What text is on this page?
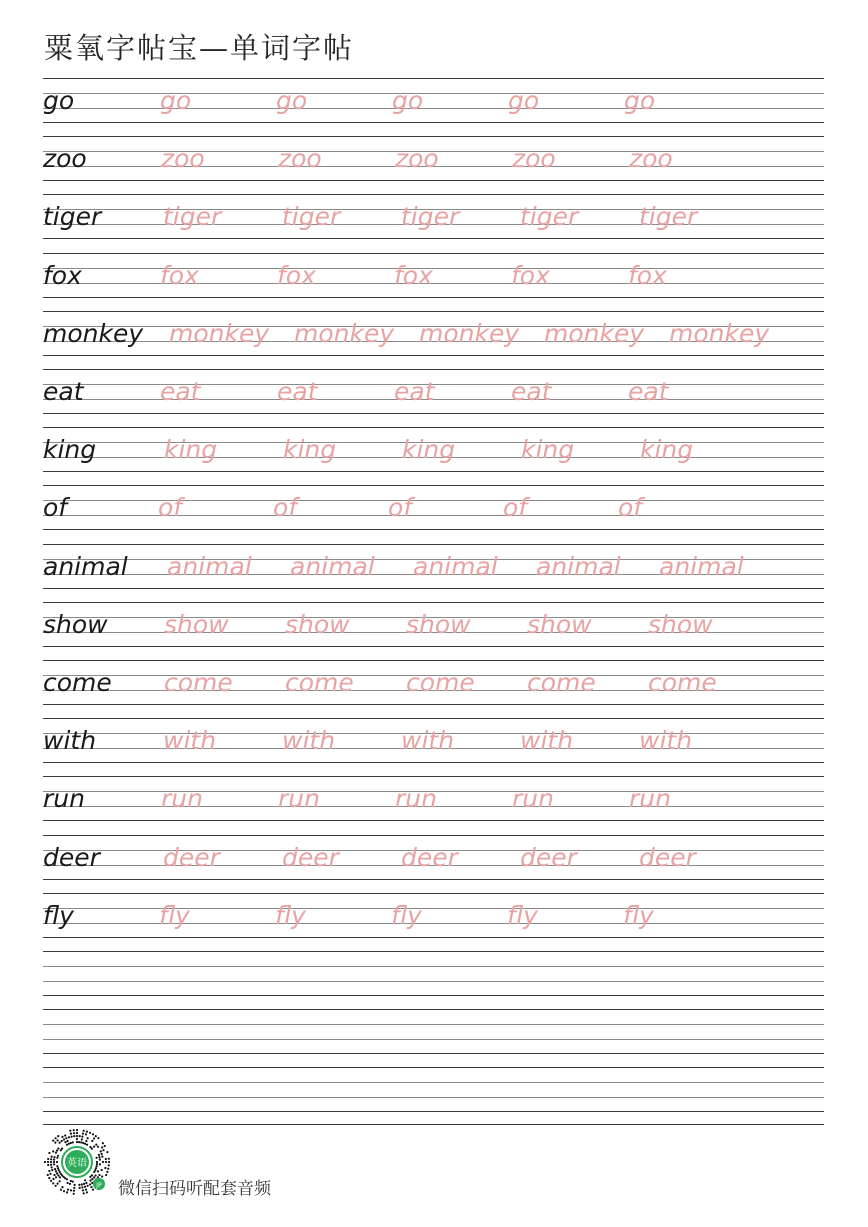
粟氧字帖宝—单词字帖
go	go	go	go	go	go
zoo	zoo	zoo	zoo	zoo	zoo
tiger tiger tiger tiger tiger tiger
fox	fox	fox	fox	fox	fox
monkey monkey monkey monkey monkey monkey
eat	eat	eat	eat	eat	eat
king	king	king	king	king	king
of	of	of	of	of	of
animal animal animal animal animal animal
show show show show show show
come come come come come come
with	with	with	with	with	with
run	run	run	run	run	run
deer	deer deer deer deer deer
fly	fly	fly	fly	fly	fly
英语
JP 微信扫码听配套音频
